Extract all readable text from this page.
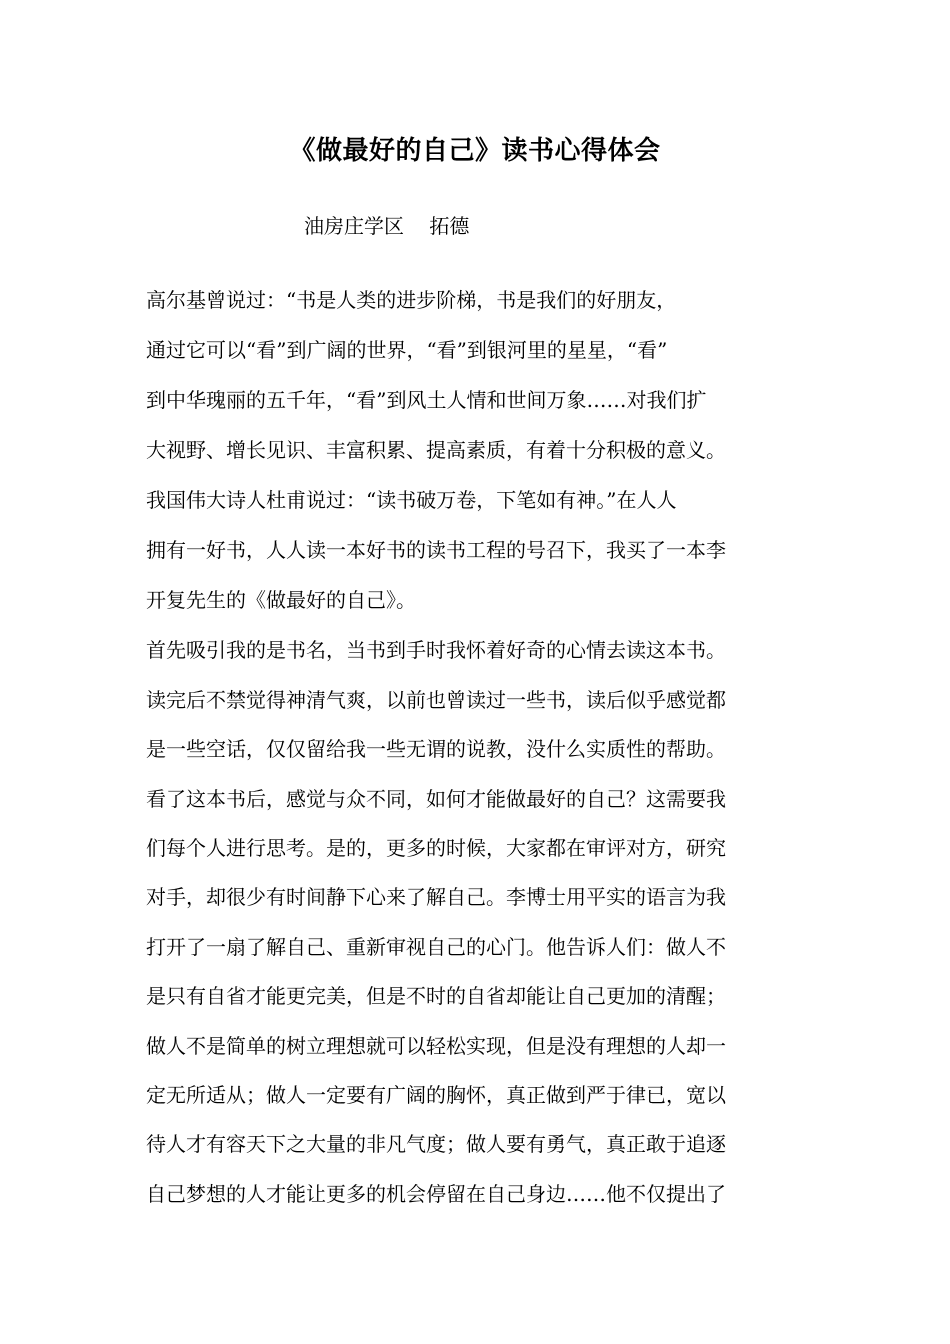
《做最好的自己》读书心得体会
油房庄学区    拓德
高尔基曾说过：“书是人类的进步阶梯，书是我们的好朋友，
通过它可以“看”到广阔的世界，“看”到银河里的星星，“看”
到中华瑰丽的五千年，“看”到风土人情和世间万象……对我们扩
大视野、增长见识、丰富积累、提高素质，有着十分积极的意义。
我国伟大诗人杜甫说过：“读书破万卷，下笔如有神。”在人人
拥有一好书，人人读一本好书的读书工程的号召下，我买了一本李
开复先生的《做最好的自己》。
首先吸引我的是书名，当书到手时我怀着好奇的心情去读这本书。
读完后不禁觉得神清气爽，以前也曾读过一些书，读后似乎感觉都
是一些空话，仅仅留给我一些无谓的说教，没什么实质性的帮助。
看了这本书后，感觉与众不同，如何才能做最好的自己？这需要我
们每个人进行思考。是的，更多的时候，大家都在审评对方，研究
对手，却很少有时间静下心来了解自己。李博士用平实的语言为我
打开了一扇了解自己、重新审视自己的心门。他告诉人们：做人不
是只有自省才能更完美，但是不时的自省却能让自己更加的清醒；
做人不是简单的树立理想就可以轻松实现，但是没有理想的人却一
定无所适从；做人一定要有广阔的胸怀，真正做到严于律已，宽以
待人才有容天下之大量的非凡气度；做人要有勇气，真正敢于追逐
自己梦想的人才能让更多的机会停留在自己身边……他不仅提出了
